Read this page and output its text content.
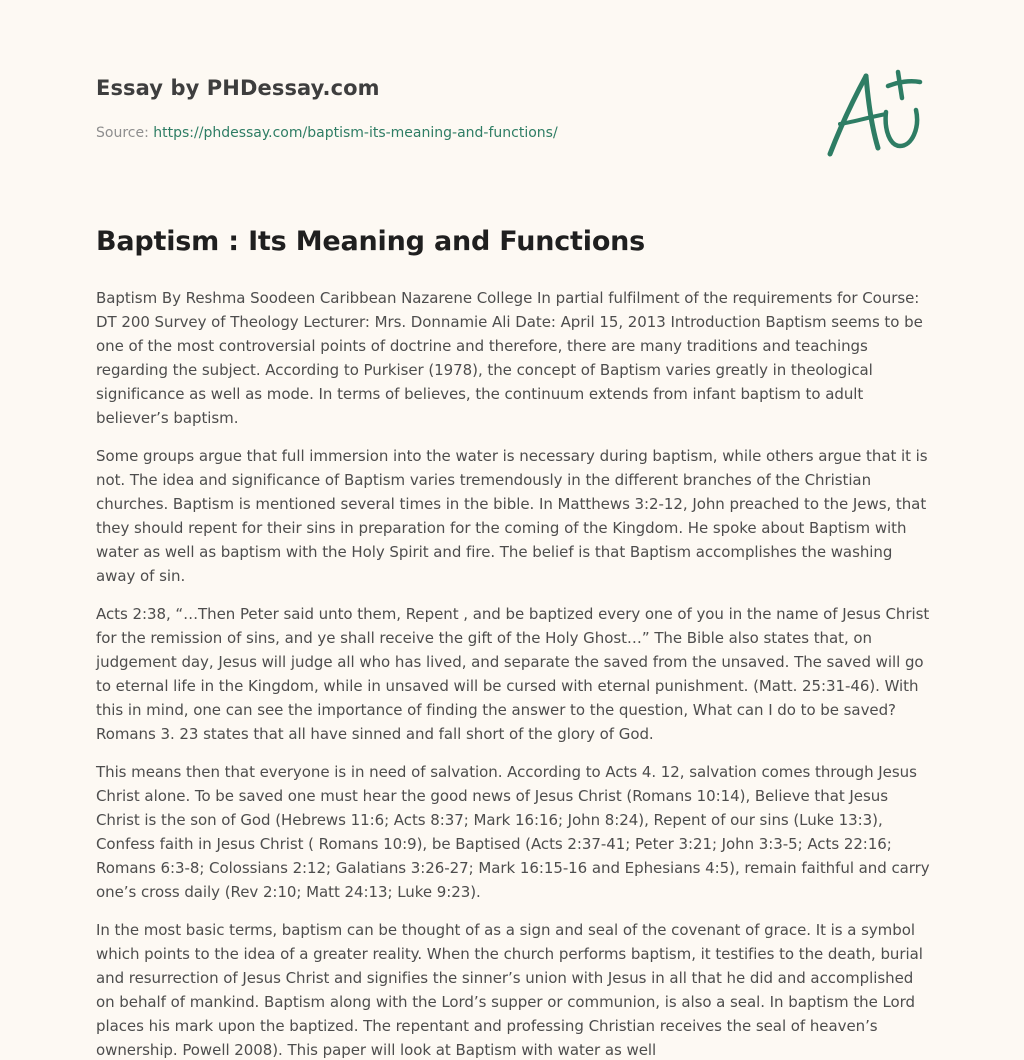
Essay by PHDessay.com
Source: https://phdessay.com/baptism-its-meaning-and-functions/
Baptism : Its Meaning and Functions

Baptism By Reshma Soodeen Caribbean Nazarene College In partial fulfilment of the requirements for Course: DT 200 Survey of Theology Lecturer: Mrs. Donnamie Ali Date: April 15, 2013 Introduction Baptism seems to be one of the most controversial points of doctrine and therefore, there are many traditions and teachings regarding the subject. According to Purkiser (1978), the concept of Baptism varies greatly in theological significance as well as mode. In terms of believes, the continuum extends from infant baptism to adult believer’s baptism.

Some groups argue that full immersion into the water is necessary during baptism, while others argue that it is not. The idea and significance of Baptism varies tremendously in the different branches of the Christian churches. Baptism is mentioned several times in the bible. In Matthews 3:2-12, John preached to the Jews, that they should repent for their sins in preparation for the coming of the Kingdom. He spoke about Baptism with water as well as baptism with the Holy Spirit and fire. The belief is that Baptism accomplishes the washing away of sin.

Acts 2:38, “…Then Peter said unto them, Repent , and be baptized every one of you in the name of Jesus Christ for the remission of sins, and ye shall receive the gift of the Holy Ghost…” The Bible also states that, on judgement day, Jesus will judge all who has lived, and separate the saved from the unsaved. The saved will go to eternal life in the Kingdom, while in unsaved will be cursed with eternal punishment. (Matt. 25:31-46). With this in mind, one can see the importance of finding the answer to the question, What can I do to be saved? Romans 3. 23 states that all have sinned and fall short of the glory of God.

This means then that everyone is in need of salvation. According to Acts 4. 12, salvation comes through Jesus Christ alone. To be saved one must hear the good news of Jesus Christ (Romans 10:14), Believe that Jesus Christ is the son of God (Hebrews 11:6; Acts 8:37; Mark 16:16; John 8:24), Repent of our sins (Luke 13:3), Confess faith in Jesus Christ ( Romans 10:9), be Baptised (Acts 2:37-41; Peter 3:21; John 3:3-5; Acts 22:16; Romans 6:3-8; Colossians 2:12; Galatians 3:26-27; Mark 16:15-16 and Ephesians 4:5), remain faithful and carry one’s cross daily (Rev 2:10; Matt 24:13; Luke 9:23).

In the most basic terms, baptism can be thought of as a sign and seal of the covenant of grace. It is a symbol which points to the idea of a greater reality. When the church performs baptism, it testifies to the death, burial and resurrection of Jesus Christ and signifies the sinner’s union with Jesus in all that he did and accomplished on behalf of mankind. Baptism along with the Lord’s supper or communion, is also a seal. In baptism the Lord places his mark upon the baptized. The repentant and professing Christian receives the seal of heaven’s ownership. Powell 2008). This paper will look at Baptism with water as well
